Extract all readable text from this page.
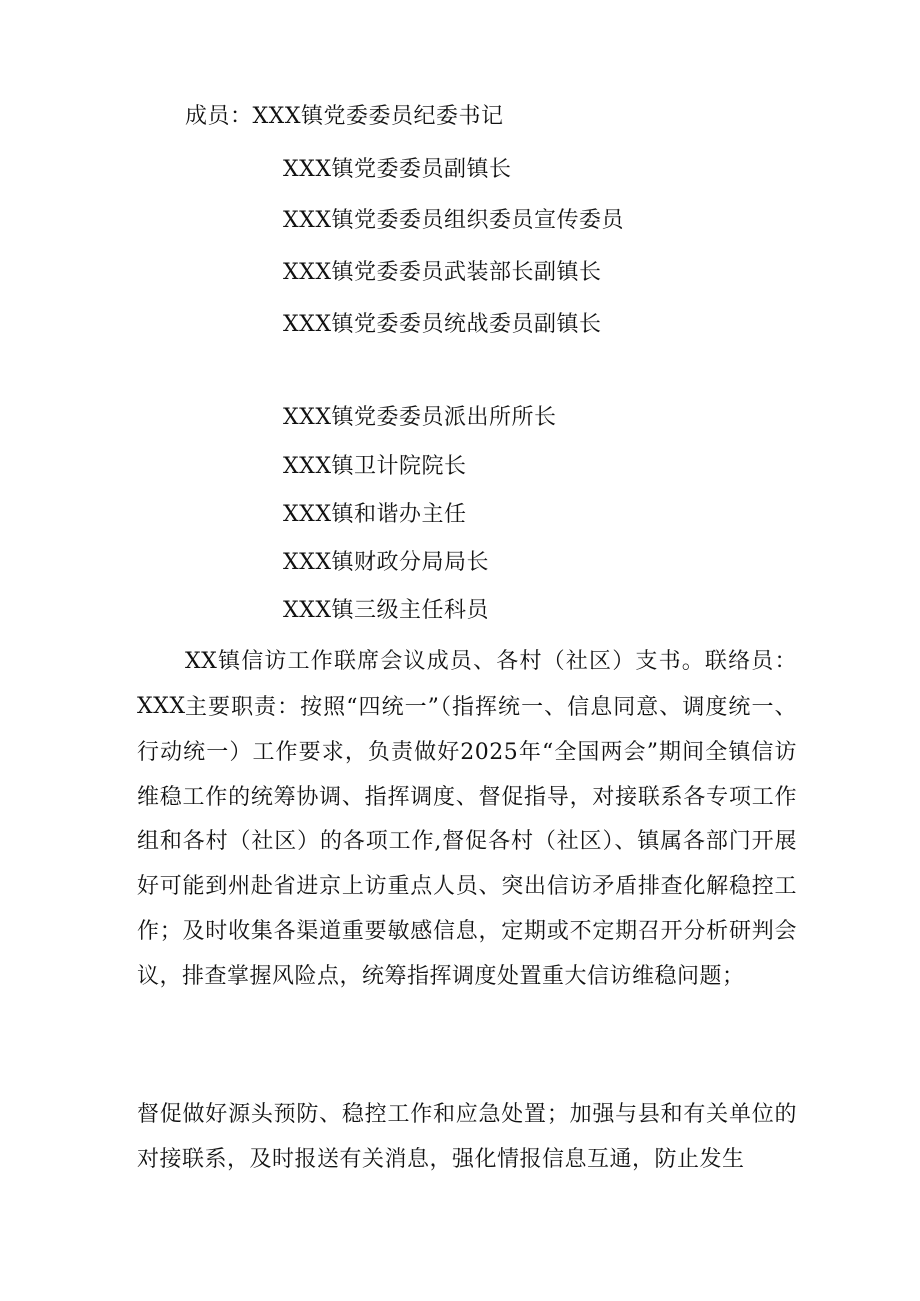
成员：XXX镇党委委员纪委书记
XXX镇党委委员副镇长
XXX镇党委委员组织委员宣传委员
XXX镇党委委员武装部长副镇长
XXX镇党委委员统战委员副镇长
XXX镇党委委员派出所所长
XXX镇卫计院院长
XXX镇和谐办主任
XXX镇财政分局局长
XXX镇三级主任科员
XX镇信访工作联席会议成员、各村（社区）支书。联络员：XXX 主要职责：按照“四统一”（指挥统一、信息同意、调度统一、行动统一）工作要求，负责做好2025年“全国两会”期间全镇信访维稳工作的统筹协调、指挥调度、督促指导，对接联系各专项工作组和各村（社区）的各项工作,督促各村（社区）、镇属各部门开展好可能到州赴省进京上访重点人员、突出信访矛盾排查化解稳控工作；及时收集各渠道重要敏感信息，定期或不定期召开分析研判会议，排查掌握风险点，统筹指挥调度处置重大信访维稳问题；
督促做好源头预防、稳控工作和应急处置；加强与县和有关单位的对接联系，及时报送有关消息，强化情报信息互通，防止发生
